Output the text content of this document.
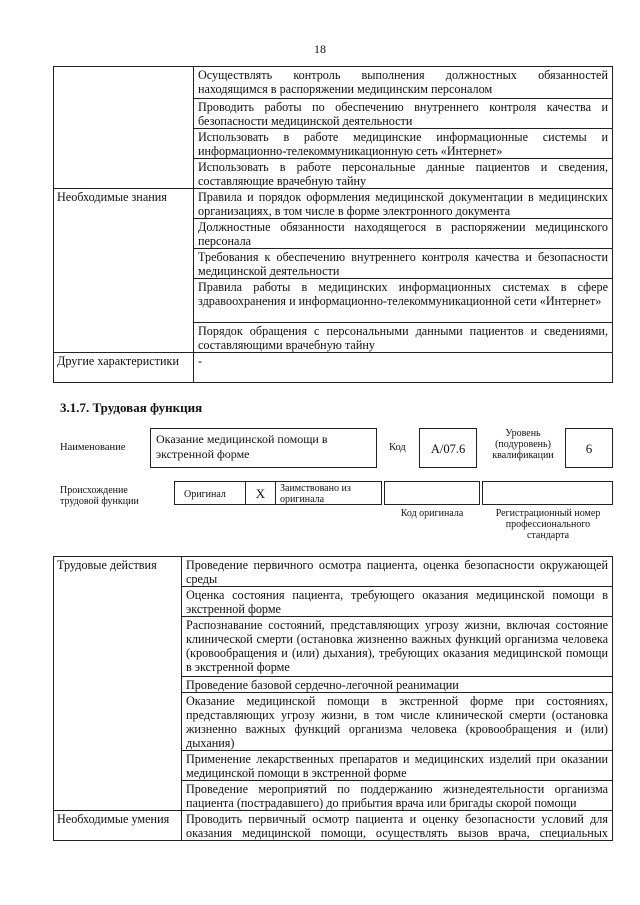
18
	Осуществлять контроль выполнения должностных обязанностей находящимся в распоряжении медицинским персоналом
	Проводить работы по обеспечению внутреннего контроля качества и безопасности медицинской деятельности
	Использовать в работе медицинские информационные системы и информационно-телекоммуникационную сеть «Интернет»
	Использовать в работе персональные данные пациентов и сведения, составляющие врачебную тайну
Необходимые знания	Правила и порядок оформления медицинской документации в медицинских организациях, в том числе в форме электронного документа
	Должностные обязанности находящегося в распоряжении медицинского персонала
	Требования к обеспечению внутреннего контроля качества и безопасности медицинской деятельности
	Правила работы в медицинских информационных системах в сфере здравоохранения и информационно-телекоммуникационной сети «Интернет»
	Порядок обращения с персональными данными пациентов и сведениями, составляющими врачебную тайну
Другие характеристики	-
3.1.7. Трудовая функция
Наименование
Оказание медицинской помощи в экстренной форме	Код	A/07.6
Уровень (подуровень) квалификации	6
Происхождение трудовой функции
Оригинал	X	Заимствовано из оригинала
Код оригинала	Регистрационный номер профессионального стандарта
Трудовые действия	Проведение первичного осмотра пациента, оценка безопасности окружающей среды
	Оценка состояния пациента, требующего оказания медицинской помощи в экстренной форме
	Распознавание состояний, представляющих угрозу жизни, включая состояние клинической смерти (остановка жизненно важных функций организма человека (кровообращения и (или) дыхания), требующих оказания медицинской помощи в экстренной форме
	Проведение базовой сердечно-легочной реанимации
	Оказание медицинской помощи в экстренной форме при состояниях, представляющих угрозу жизни, в том числе клинической смерти (остановка жизненно важных функций организма человека (кровообращения и (или) дыхания)
	Применение лекарственных препаратов и медицинских изделий при оказании медицинской помощи в экстренной форме
	Проведение мероприятий по поддержанию жизнедеятельности организма пациента (пострадавшего) до прибытия врача или бригады скорой помощи
Необходимые умения	Проводить первичный осмотр пациента и оценку безопасности условий для оказания медицинской помощи, осуществлять вызов врача, специальных
